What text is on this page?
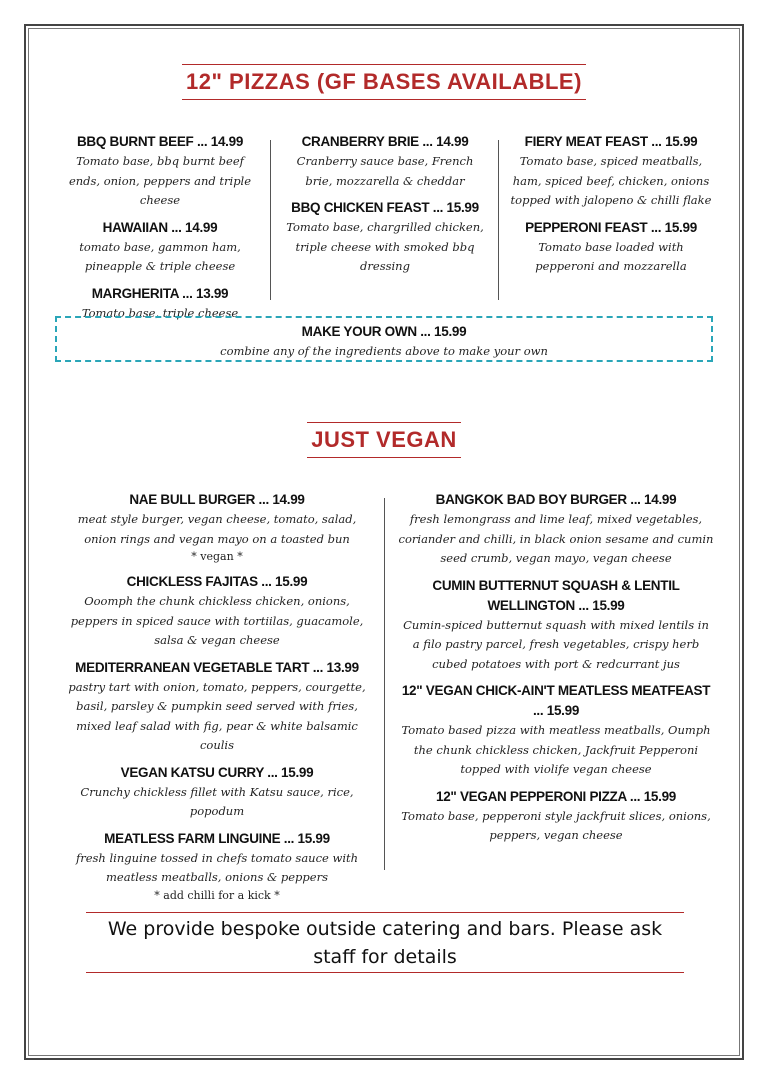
12" PIZZAS (GF BASES AVAILABLE)
BBQ BURNT BEEF ... 14.99
Tomato base, bbq burnt beef ends, onion, peppers and triple cheese
HAWAIIAN ... 14.99
tomato base, gammon ham, pineapple & triple cheese
MARGHERITA ... 13.99
Tomato base, triple cheese
CRANBERRY BRIE ... 14.99
Cranberry sauce base, French brie, mozzarella & cheddar
BBQ CHICKEN FEAST ... 15.99
Tomato base, chargrilled chicken, triple cheese with smoked bbq dressing
FIERY MEAT FEAST ... 15.99
Tomato base, spiced meatballs, ham, spiced beef, chicken, onions topped with jalopeno & chilli flake
PEPPERONI FEAST ... 15.99
Tomato base loaded with pepperoni and mozzarella
MAKE YOUR OWN ... 15.99
combine any of the ingredients above to make your own
JUST VEGAN
NAE BULL BURGER ... 14.99
meat style burger, vegan cheese, tomato, salad, onion rings and vegan mayo on a toasted bun
* vegan *
CHICKLESS FAJITAS ... 15.99
Ooomph the chunk chickless chicken, onions, peppers in spiced sauce with tortiilas, guacamole, salsa & vegan cheese
MEDITERRANEAN VEGETABLE TART ... 13.99
pastry tart with onion, tomato, peppers, courgette, basil, parsley & pumpkin seed served with fries, mixed leaf salad with fig, pear & white balsamic coulis
VEGAN KATSU CURRY ... 15.99
Crunchy chickless fillet with Katsu sauce, rice, popodum
MEATLESS FARM LINGUINE ... 15.99
fresh linguine tossed in chefs tomato sauce with meatless meatballs, onions & peppers
* add chilli for a kick *
BANGKOK BAD BOY BURGER ... 14.99
fresh lemongrass and lime leaf, mixed vegetables, coriander and chilli, in black onion sesame and cumin seed crumb, vegan mayo, vegan cheese
CUMIN BUTTERNUT SQUASH & LENTIL WELLINGTON ... 15.99
Cumin-spiced butternut squash with mixed lentils in a filo pastry parcel, fresh vegetables, crispy herb cubed potatoes with port & redcurrant jus
12" VEGAN CHICK-AIN'T MEATLESS MEATFEAST ... 15.99
Tomato based pizza with meatless meatballs, Oumph the chunk chickless chicken, Jackfruit Pepperoni topped with violife vegan cheese
12" VEGAN PEPPERONI PIZZA ... 15.99
Tomato base, pepperoni style jackfruit slices, onions, peppers, vegan cheese
We provide bespoke outside catering and bars. Please ask staff for details
